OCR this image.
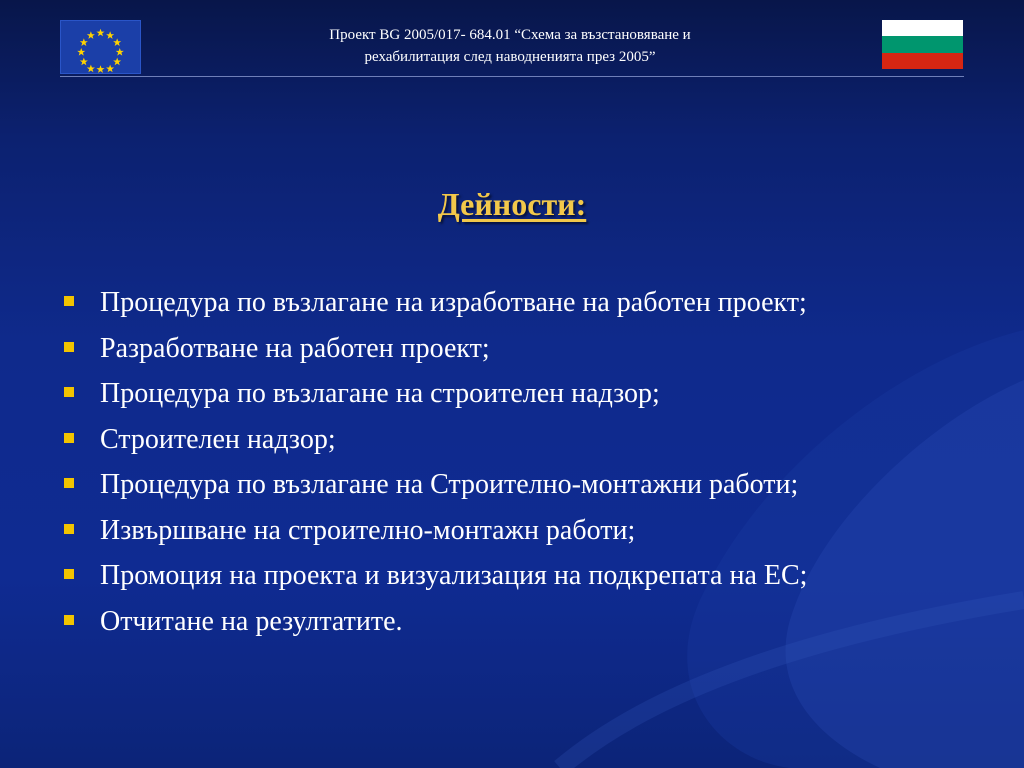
Проект BG 2005/017- 684.01 “Схема за възстановяване и
рехабилитация след наводненията през 2005”
Дейности:
Процедура по възлагане на изработване на работен проект;
Разработване на работен проект;
Процедура по възлагане на строителен надзор;
Строителен надзор;
Процедура по възлагане на Строително-монтажни работи;
Извършване на строително-монтажн работи;
Промоция на проекта и визуализация на подкрепата на ЕС;
Отчитане на резултатите.
